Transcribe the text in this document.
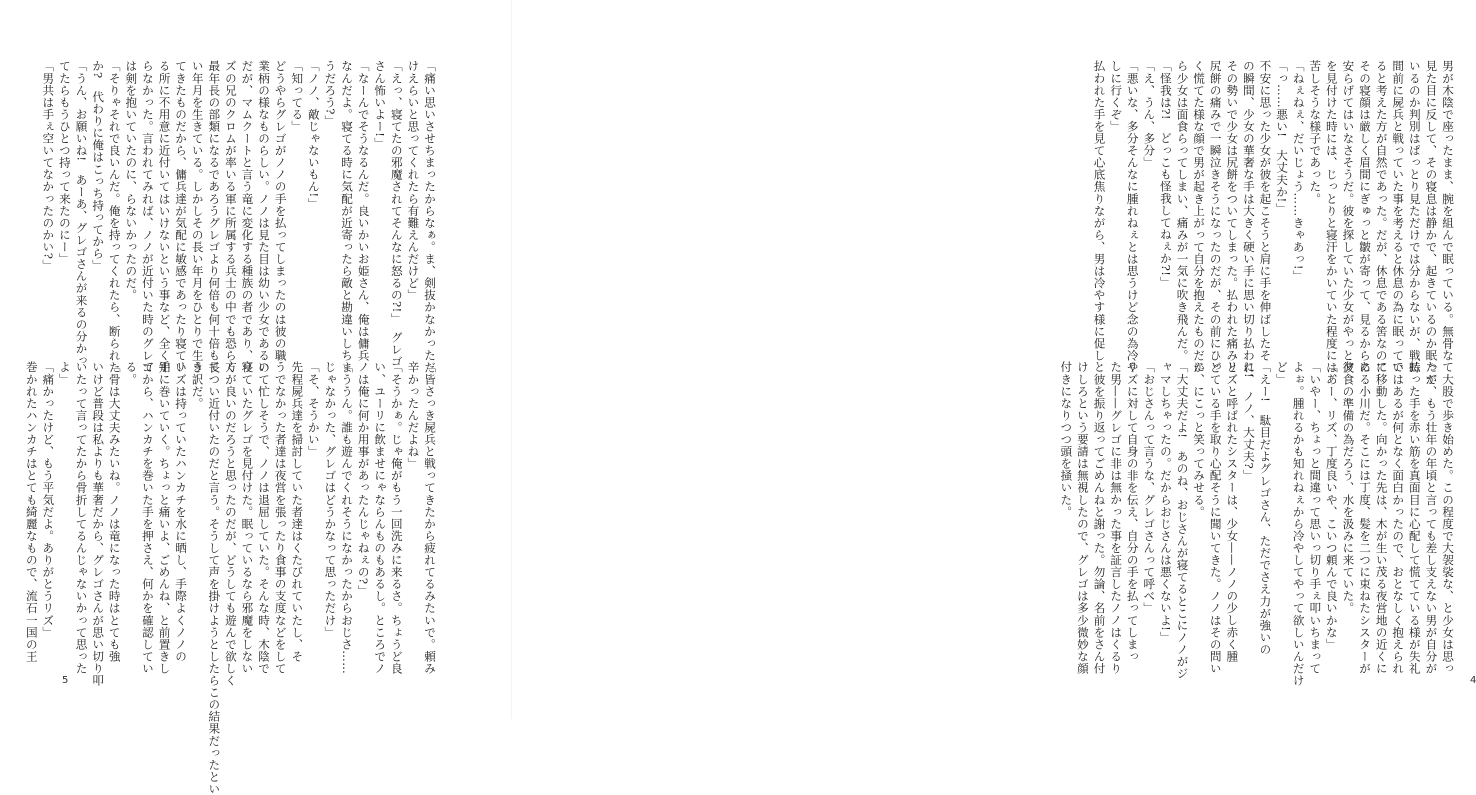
「痛い思いさせちまったからなぁ。ま、剣抜かなかっただ
けえらいと思ってくれたら有難えんだけど」
「えっ、寝てたの邪魔されてそんなに怒るの?!」　グレゴ
さん怖いよー!」
「なーんでそうなるんだ。良いかいお姫さん、俺は傭兵
なんだよ。寝てる時に気配が近寄ったら敵と勘違いしちま
うだろう?」
「ノノ、敵じゃないもん!」
「知ってる」
どうやらグレゴがノノの手を払ってしまったのは彼の職
業柄の様なものらしい。ノノは見た目は幼い少女であるの
だが、マムクートと言う竜に変化する種族の者であり、リ
ズの兄のクロムが率いる軍に所属する兵士の中でも恐らく
最年長の部類になるであろうグレゴより何倍も何十倍も長
い年月を生きている。しかしその長い年月をひとりで生き
てきたものだから、傭兵達が気配に敏感であったり寝てい
る所に不用意に近付いてはいけないという事など、全く知
らなかった。言われてみれば、ノノが近付いた時のグレゴ
は剣を抱いていたのに、らないかったのだ。
「そりゃそれで良いんだ。俺を持ってくれたら、断られた
か?　代わりに俺はこっち持ってから」
「うん、お願いね!　あーあ、グレゴさんが来るの分かっ
てたらもうひとつ持って来たのにー」
「男共は手ぇ空いてなかったのかい?」
「皆さっき屍兵と戦ってきたから疲れてるみたいで。頼み
辛かったんだよね」
「そうかぁ。じゃ俺がもう一回洗みに来るさ。ちょうど良
い、ユーリに飲ませにゃならんものもあるし。ところでノ
ノは俺に何か用事があったんじゃねぇの?」
「ううん。誰も遊んでくれそうになかったからおじさ……
じゃなかった、グレゴはどうかなって思っただけ」
「そ、そうかい」
先程屍兵達を掃討していた者達はくたびれていたし、そ
うでなかった者達は夜営を張ったり食事の支度などをして
いて忙しそうで、ノノは退屈していた。そんな時、木陰で
寝ていたグレゴを見付けた。眠っているなら邪魔をしない
方が良いのだろうと思ったのだが、どうしても遊んで欲しく
てつい近付いたのだと言う。そうして声を掛けようとしたらこの結果だったとい
う訳だ。
リズは持っていたハンカチを水に晒し、手際よくノノの
手に巻いていく。ちょっと痛いよ、ごめんね、と前置きし
てから、ハンカチを巻いた手を押さえ、何かを確認してい
る。
「骨は大丈夫みたいね。ノノは竜になった時はとても強
いけど普段は私よりも華奢だから、グレゴさんが思い切り叩
いたって言ってたから骨折してるんじゃないかって思った
よ」
「痛かったけど、もう平気だよ。ありがとうリズ」
巻かれたハンカチはとても綺麗なもので、流石一国の王
5
男が木陰で座ったまま、腕を組んで眠っている。無骨な
見た目に反して、その寝息は静かで、起きているのか眠って
いるのか判別はぱっとり見ただけでは分からないが、戦時
間前に屍兵と戦っていた事を考えると休息の為に眠ってい
ると考えた方が自然であった。だが、休息である筈なのに
その寝顔は厳しく眉間にぎゅっと皺が寄って、見るからに
安らげてはいなさそうだ。彼を探していた少女がやっと彼
を見付けた時には、じっとりと寝汗をかいていた程度には、
苦しそうな様子であった。
「ねぇねぇ、だいじょう……きゃあっ!」
「っ……悪い!　大丈夫か!」
不安に思った少女が彼を起こそうと肩に手を伸ばしたそ
の瞬間、少女の華奢な手は大きく硬い手に思い切り払われ、
その勢いで少女は尻餅をついてしまった。払われた痛みと
尻餅の痛みで一瞬泣きそうになったのだが、その前にひど
く慌てた様な顔で男が起き上がって自分を抱えたものだか
ら少女は面食らってしまい、痛みが一気に吹き飛んだ。
「怪我は?!　どっこも怪我してねぇか?!」
「え、うん、多分」
「悪いな、多分そんなに腫れねぇとは思うけど念の為冷や
しに行くぞ」
払われた手を見て心底焦りながら、男は冷やす様に促し
て大股で歩き始めた。この程度で大袈裟な、と少女は思っ
たが、もう壮年の年頃と言っても差し支えない男が自分が
払った手を赤い筋を真面目に心配して慌てている様が失礼
ではあるが何となく面白かったので、おとなしく抱えられ
て移動した。向かった先は、木が生い茂る夜営地の近くに
ある小川だ。そこには丁度、髪を二つに束ねたシスターが
夕食の準備の為だろう、水を汲みに来ていた。
「あー、リズ、丁度良いや、こいつ頼んで良いかな」
「いやー、ちょっと間違って思いっ切り手ぇ叩いちまって
よぉ。腫れるかも知れねぇから冷やしてやって欲しいんだけ
ど」
「えー!　駄目だよグレゴさん、ただでさえ力が強いの
に!　ノノ、大丈夫?」
リズと呼ばれたシスターは、少女——ノノの少し赤く腫
っている手を取り心配そうに聞いてきた。ノノはその問い
に、にこっと笑ってみせる。
「大丈夫だよ!　あのね、おじさんが寝てるとこにノノがジ
ャマしちゃったの。だからおじさんは悪くないよ!」
「おじさんって言うな、グレゴさんって呼べ」
リズに対して自身の非を伝え、自分の手を払ってしまっ
た男——グレゴに非は無かった事を証言したノノはくるり
と彼を振り返ってごめんねと謝った。勿論、名前をさん付
けしろという要請は無視したので、グレゴは多少微妙な顔
付きになりつつ頭を掻いた。
4
